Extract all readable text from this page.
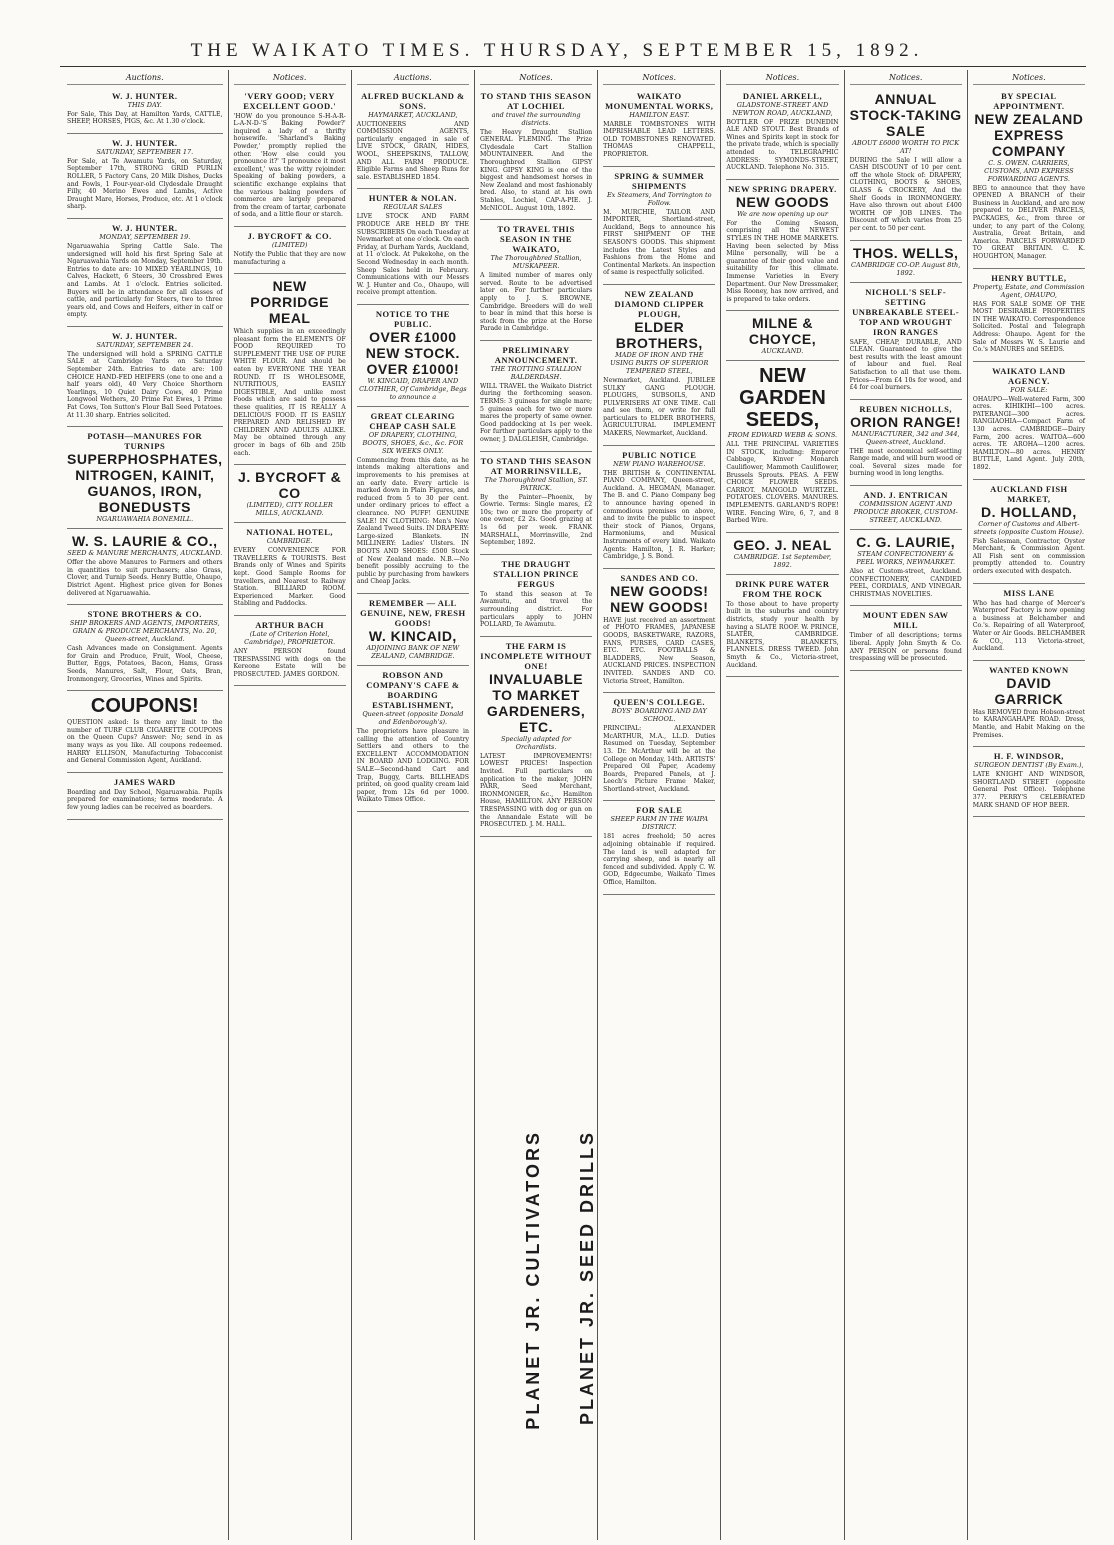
THE WAIKATO TIMES. THURSDAY, SEPTEMBER 15, 1892.
Auctions.
W. J. HUNTER.
THIS DAY.

For Sale, This Day, at Hamilton Yards, CATTLE, SHEEP, HORSES, PIGS, &c. At 1.30 o'clock.

W. J. HUNTER.
SATURDAY, SEPTEMBER 17.

For Sale, at Te Awamutu Yards, on Saturday, September 17th, STRONG GRID PURLIN ROLLER, 5 Factory Cans, 20 Milk Dishes, Ducks and Fowls, 1 Four-year-old Clydesdale Draught Filly, 40 Merino Ewes and Lambs, Active Draught Mare, Horses, Produce, etc. At 1 o'clock sharp.

W. J. HUNTER.
MONDAY, SEPTEMBER 19.

Ngaruawahia Spring Cattle Sale. The undersigned will hold his first Spring Sale at Ngaruawahia Yards on Monday, September 19th. Entries to date are: 10 MIXED YEARLINGS, 10 Calves, Hackett, 6 Steers, 30 Crossbred Ewes and Lambs. At 1 o'clock. Entries solicited. Buyers will be in attendance for all classes of cattle, and particularly for Steers, two to three years old, and Cows and Heifers, either in calf or empty.

W. J. HUNTER.
SATURDAY, SEPTEMBER 24.

The undersigned will hold a SPRING CATTLE SALE at Cambridge Yards on Saturday September 24th. Entries to date are: 100 CHOICE HAND-FED HEIFERS (one to one and a half years old), 40 Very Choice Shorthorn Yearlings, 10 Quiet Dairy Cows, 40 Prime Longwool Wethers, 20 Prime Fat Ewes, 1 Prime Fat Cows, Ton Sutton's Flour Ball Seed Potatoes. At 11.30 sharp. Entries solicited.

POTASH—MANURES FOR TURNIPS
SUPERPHOSPHATES, NITROGEN, KAINIT, GUANOS, IRON, BONEDUSTS
NGARUAWAHIA BONEMILL.
W. S. LAURIE & CO.,
SEED & MANURE MERCHANTS, AUCKLAND.

Offer the above Manures to Farmers and others in quantities to suit purchasers; also Grass, Clover, and Turnip Seeds. Henry Buttle, Ohaupo, District Agent. Highest price given for Bones delivered at Ngaruawahia.

STONE BROTHERS & CO.
SHIP BROKERS AND AGENTS, IMPORTERS, GRAIN & PRODUCE MERCHANTS, No. 20, Queen-street, Auckland.

Cash Advances made on Consignment. Agents for Grain and Produce, Fruit, Wool, Cheese, Butter, Eggs, Potatoes, Bacon, Hams, Grass Seeds, Manures, Salt, Flour, Oats, Bran, Ironmongery, Groceries, Wines and Spirits.

COUPONS!

QUESTION asked: Is there any limit to the number of TURF CLUB CIGARETTE COUPONS on the Queen Cups? Answer: No; send in as many ways as you like. All coupons redeemed. HARRY ELLISON, Manufacturing Tobacconist and General Commission Agent, Auckland.

JAMES WARD

Boarding and Day School, Ngaruawahia. Pupils prepared for examinations; terms moderate. A few young ladies can be received as boarders.

Notices.
'VERY GOOD; VERY EXCELLENT GOOD.'

'HOW do you pronounce S-H-A-R-L-A-N-D-'S Baking Powder?' inquired a lady of a thrifty housewife. 'Sharland's Baking Powder,' promptly replied the other. 'How else could you pronounce it?' 'I pronounce it most excellent,' was the witty rejoinder. Speaking of baking powders, a scientific exchange explains that the various baking powders of commerce are largely prepared from the cream of tartar, carbonate of soda, and a little flour or starch.

J. BYCROFT & CO.
(LIMITED)

Notify the Public that they are now manufacturing a

NEW PORRIDGE MEAL

Which supplies in an exceedingly pleasant form the ELEMENTS OF FOOD REQUIRED TO SUPPLEMENT THE USE OF PURE WHITE FLOUR. And should be eaten by EVERYONE THE YEAR ROUND. IT IS WHOLESOME, NUTRITIOUS, EASILY DIGESTIBLE, And unlike most Foods which are said to possess these qualities, IT IS REALLY A DELICIOUS FOOD. IT IS EASILY PREPARED AND RELISHED BY CHILDREN AND ADULTS ALIKE. May be obtained through any grocer in bags of 6lb and 25lb each.

J. BYCROFT & CO
(LIMITED), CITY ROLLER MILLS, AUCKLAND.
NATIONAL HOTEL,
CAMBRIDGE.

EVERY CONVENIENCE FOR TRAVELLERS & TOURISTS. Best Brands only of Wines and Spirits kept. Good Sample Rooms for travellers, and Nearest to Railway Station. BILLIARD ROOM. Experienced Marker. Good Stabling and Paddocks.

ARTHUR BACH
(Late of Criterion Hotel, Cambridge), PROPRIETOR.

ANY PERSON found TRESPASSING with dogs on the Kereone Estate will be PROSECUTED. JAMES GORDON.

Auctions.
ALFRED BUCKLAND & SONS.
HAYMARKET, AUCKLAND,

AUCTIONEERS AND COMMISSION AGENTS, particularly engaged in sale of LIVE STOCK, GRAIN, HIDES, WOOL, SHEEPSKINS, TALLOW, AND ALL FARM PRODUCE. Eligible Farms and Sheep Runs for sale. ESTABLISHED 1854.

HUNTER & NOLAN.
REGULAR SALES

LIVE STOCK AND FARM PRODUCE ARE HELD BY THE SUBSCRIBERS On each Tuesday at Newmarket at one o'clock. On each Friday, at Durham Yards, Auckland, at 11 o'clock. At Pukekohe, on the Second Wednesday in each month. Sheep Sales held in February. Communications with our Messrs W. J. Hunter and Co., Ohaupo, will receive prompt attention.

NOTICE TO THE PUBLIC.
OVER £1000 NEW STOCK. OVER £1000!
W. KINCAID, DRAPER AND CLOTHIER, Of Cambridge, Begs to announce a
GREAT CLEARING CHEAP CASH SALE
OF DRAPERY, CLOTHING, BOOTS, SHOES, &c., &c. FOR SIX WEEKS ONLY.

Commencing from this date, as he intends making alterations and improvements to his premises at an early date. Every article is marked down in Plain Figures, and reduced from 5 to 30 per cent. under ordinary prices to effect a clearance. NO PUFF! GENUINE SALE! IN CLOTHING: Men's New Zealand Tweed Suits. IN DRAPERY: Large-sized Blankets. IN MILLINERY: Ladies' Ulsters. IN BOOTS AND SHOES: £500 Stock of New Zealand made. N.B.—No benefit possibly accruing to the public by purchasing from hawkers and Cheap Jacks.

REMEMBER — ALL GENUINE, NEW, FRESH GOODS!
W. KINCAID,
ADJOINING BANK OF NEW ZEALAND, CAMBRIDGE.
ROBSON AND COMPANY'S CAFE & BOARDING ESTABLISHMENT,
Queen-street (opposite Donald and Edenborough's).

The proprietors have pleasure in calling the attention of Country Settlers and others to the EXCELLENT ACCOMMODATION IN BOARD AND LODGING. FOR SALE—Second-hand Cart and Trap, Buggy, Carts. BILLHEADS printed, on good quality cream laid paper, from 12s 6d per 1000. Waikato Times Office.

Notices.
TO STAND THIS SEASON AT LOCHIEL
and travel the surrounding districts.

The Heavy Draught Stallion GENERAL FLEMING. The Prize Clydesdale Cart Stallion MOUNTAINEER. And the Thoroughbred Stallion GIPSY KING. GIPSY KING is one of the biggest and handsomest horses in New Zealand and most fashionably bred. Also, to stand at his own Stables, Lochiel, CAP-A-PIE. J. McNICOL. August 10th, 1892.

TO TRAVEL THIS SEASON IN THE WAIKATO,
The Thoroughbred Stallion, MUSKAPEER.

A limited number of mares only served. Route to be advertised later on. For further particulars apply to J. S. BROWNE, Cambridge. Breeders will do well to bear in mind that this horse is stock from the prize at the Horse Parade in Cambridge.

PRELIMINARY ANNOUNCEMENT.
THE TROTTING STALLION BALDERDASH.

WILL TRAVEL the Waikato District during the forthcoming season. TERMS: 3 guineas for single mare; 5 guineas each for two or more mares the property of same owner. Good paddocking at 1s per week. For further particulars apply to the owner, J. DALGLEISH, Cambridge.

TO STAND THIS SEASON AT MORRINSVILLE,
The Thoroughbred Stallion, ST. PATRICK.

By the Painter—Phoenix, by Gowrie. Terms: Single mares, £2 10s; two or more the property of one owner, £2 2s. Good grazing at 1s 6d per week. FRANK MARSHALL, Morrinsville, 2nd September, 1892.

THE DRAUGHT STALLION PRINCE FERGUS

To stand this season at Te Awamutu, and travel the surrounding district. For particulars apply to JOHN POLLARD, Te Awamutu.

THE FARM IS INCOMPLETE WITHOUT ONE!
INVALUABLE TO MARKET GARDENERS, ETC.
Specially adapted for Orchardists.

LATEST IMPROVEMENTS! LOWEST PRICES! Inspection Invited. Full particulars on application to the maker, JOHN PARR, Seed Merchant, IRONMONGER, &c., Hamilton House, HAMILTON. ANY PERSON TRESPASSING with dog or gun on the Annandale Estate will be PROSECUTED. J. M. HALL.

PLANET JR. CULTIVATORS PLANET JR. SEED DRILLS
Notices.
WAIKATO MONUMENTAL WORKS,
HAMILTON EAST.

MARBLE TOMBSTONES WITH IMPRISHABLE LEAD LETTERS. OLD TOMBSTONES RENOVATED. THOMAS CHAPPELL, PROPRIETOR.

SPRING & SUMMER SHIPMENTS
Ex Steamers, And Torrington to Follow.

M. MURCHIE, TAILOR AND IMPORTER, Shortland-street, Auckland, Begs to announce his FIRST SHIPMENT OF THE SEASON'S GOODS. This shipment includes the Latest Styles and Fashions from the Home and Continental Markets. An inspection of same is respectfully solicited.

NEW ZEALAND DIAMOND CLIPPER PLOUGH,
ELDER BROTHERS,
MADE OF IRON AND THE USING PARTS OF SUPERIOR TEMPERED STEEL,

Newmarket, Auckland. JUBILEE SULKY GANG PLOUGH. PLOUGHS, SUBSOILS, AND PULVERISERS AT ONE TIME. Call and see them, or write for full particulars to ELDER BROTHERS, AGRICULTURAL IMPLEMENT MAKERS, Newmarket, Auckland.

PUBLIC NOTICE
NEW PIANO WAREHOUSE.

THE BRITISH & CONTINENTAL PIANO COMPANY, Queen-street, Auckland. A. HEGMAN, Manager. The B. and C. Piano Company beg to announce having opened in commodious premises on above, and to invite the public to inspect their stock of Pianos, Organs, Harmoniums, and Musical Instruments of every kind. Waikato Agents: Hamilton, J. R. Harker; Cambridge, J. S. Bond.

SANDES AND CO.
NEW GOODS! NEW GOODS!

HAVE just received an assortment of PHOTO FRAMES, JAPANESE GOODS, BASKETWARE, RAZORS, FANS, PURSES, CARD CASES, ETC. ETC. FOOTBALLS & BLADDERS, New Season, AUCKLAND PRICES. INSPECTION INVITED. SANDES AND CO. Victoria Street, Hamilton.

QUEEN'S COLLEGE.
BOYS' BOARDING AND DAY SCHOOL.

PRINCIPAL: ALEXANDER McARTHUR, M.A., LL.D. Duties Resumed on Tuesday, September 13. Dr. McArthur will be at the College on Monday, 14th. ARTISTS' Prepared Oil Paper, Academy Boards, Prepared Panels, at J. Leech's Picture Frame Maker, Shortland-street, Auckland.

FOR SALE
SHEEP FARM IN THE WAIPA DISTRICT.

181 acres freehold; 50 acres adjoining obtainable if required. The land is well adapted for carrying sheep, and is nearly all fenced and subdivided. Apply C. W. GOD, Edgecumbe, Waikato Times Office, Hamilton.

Notices.
DANIEL ARKELL,
GLADSTONE-STREET AND NEWTON ROAD, AUCKLAND,

BOTTLER OF PRIZE DUNEDIN ALE AND STOUT. Best Brands of Wines and Spirits kept in stock for the private trade, which is specially attended to. TELEGRAPHIC ADDRESS: SYMONDS-STREET, AUCKLAND. Telephone No. 315.

NEW SPRING DRAPERY.
NEW GOODS
We are now opening up our

For the Coming Season, comprising all the NEWEST STYLES IN THE HOME MARKETS. Having been selected by Miss Milne personally, will be a guarantee of their good value and suitability for this climate. Immense Varieties in Every Department. Our New Dressmaker, Miss Rooney, has now arrived, and is prepared to take orders.

MILNE & CHOYCE,
AUCKLAND.
NEW GARDEN SEEDS,
FROM EDWARD WEBB & SONS.

ALL THE PRINCIPAL VARIETIES IN STOCK, including: Emperor Cabbage, Kinver Monarch Cauliflower, Mammoth Cauliflower, Brussels Sprouts. PEAS. A FEW CHOICE FLOWER SEEDS. CARROT. MANGOLD WURTZEL. POTATOES. CLOVERS. MANURES. IMPLEMENTS. GARLAND'S ROPE! WIRE. Fencing Wire, 6, 7, and 8 Barbed Wire.

GEO. J. NEAL
CAMBRIDGE. 1st September, 1892.
DRINK PURE WATER FROM THE ROCK

To those about to have property built in the suburbs and country districts, study your health by having a SLATE ROOF. W. PRINCE, SLATER, CAMBRIDGE. BLANKETS, BLANKETS, FLANNELS. DRESS TWEED. John Smyth & Co., Victoria-street, Auckland.

Notices.
ANNUAL STOCK-TAKING SALE
ABOUT £6000 WORTH TO PICK AT!

DURING the Sale I will allow a CASH DISCOUNT of 10 per cent. off the whole Stock of: DRAPERY, CLOTHING, BOOTS & SHOES, GLASS & CROCKERY, And the Shelf Goods in IRONMONGERY. Have also thrown out about £400 WORTH OF JOB LINES. The Discount off which varies from 25 per cent. to 50 per cent.

THOS. WELLS,
CAMBRIDGE CO-OP. August 8th, 1892.
NICHOLL'S SELF-SETTING UNBREAKABLE STEEL-TOP AND WROUGHT IRON RANGES

SAFE, CHEAP, DURABLE, AND CLEAN. Guaranteed to give the best results with the least amount of labour and fuel. Real Satisfaction to all that use them. Prices—From £4 10s for wood, and £4 for coal burners.

REUBEN NICHOLLS,
ORION RANGE!
MANUFACTURER, 342 and 344, Queen-street, Auckland.

THE most economical self-setting Range made, and will burn wood or coal. Several sizes made for burning wood in long lengths.

AND. J. ENTRICAN
COMMISSION AGENT AND PRODUCE BROKER, CUSTOM-STREET, AUCKLAND.
C. G. LAURIE,
STEAM CONFECTIONERY & PEEL WORKS, NEWMARKET.

Also at Custom-street, Auckland. CONFECTIONERY, CANDIED PEEL, CORDIALS, AND VINEGAR. CHRISTMAS NOVELTIES.

MOUNT EDEN SAW MILL

Timber of all descriptions; terms liberal. Apply John Smyth & Co. ANY PERSON or persons found trespassing will be prosecuted.

Notices.
BY SPECIAL APPOINTMENT.
NEW ZEALAND EXPRESS COMPANY
C. S. OWEN. CARRIERS, CUSTOMS, AND EXPRESS FORWARDING AGENTS.

BEG to announce that they have OPENED A BRANCH of their Business in Auckland, and are now prepared to DELIVER PARCELS, PACKAGES, &c., from three or under, to any part of the Colony, Australia, Great Britain, and America. PARCELS FORWARDED TO GREAT BRITAIN. C. K. HOUGHTON, Manager.

HENRY BUTTLE,
Property, Estate, and Commission Agent, OHAUPO,

HAS FOR SALE SOME OF THE MOST DESIRABLE PROPERTIES IN THE WAIKATO. Correspondence Solicited. Postal and Telegraph Address: Ohaupo. Agent for the Sale of Messrs W. S. Laurie and Co.'s MANURES and SEEDS.

WAIKATO LAND AGENCY.
FOR SALE:

OHAUPO—Well-watered Farm, 300 acres. KIHIKIHI—100 acres. PATERANGI—300 acres. RANGIAOHIA—Compact Farm of 130 acres. CAMBRIDGE—Dairy Farm, 200 acres. WAITOA—600 acres. TE AROHA—1200 acres. HAMILTON—80 acres. HENRY BUTTLE, Land Agent. July 20th, 1892.

AUCKLAND FISH MARKET,
D. HOLLAND,
Corner of Customs and Albert-streets (opposite Custom House).

Fish Salesman, Contractor, Oyster Merchant, & Commission Agent. All Fish sent on commission promptly attended to. Country orders executed with despatch.

MISS LANE

Who has had charge of Mercer's Waterproof Factory is now opening a business at Belchamber and Co.'s. Repairing of all Waterproof, Water or Air Goods. BELCHAMBER & CO., 113 Victoria-street, Auckland.

WANTED KNOWN
DAVID GARRICK

Has REMOVED from Hobson-street to KARANGAHAPE ROAD. Dress, Mantle, and Habit Making on the Premises.

H. F. WINDSOR,
SURGEON DENTIST (By Exam.),

LATE KNIGHT AND WINDSOR, SHORTLAND STREET (opposite General Post Office). Telephone 377. PERRY'S CELEBRATED MARK SHAND OF HOP BEER.
